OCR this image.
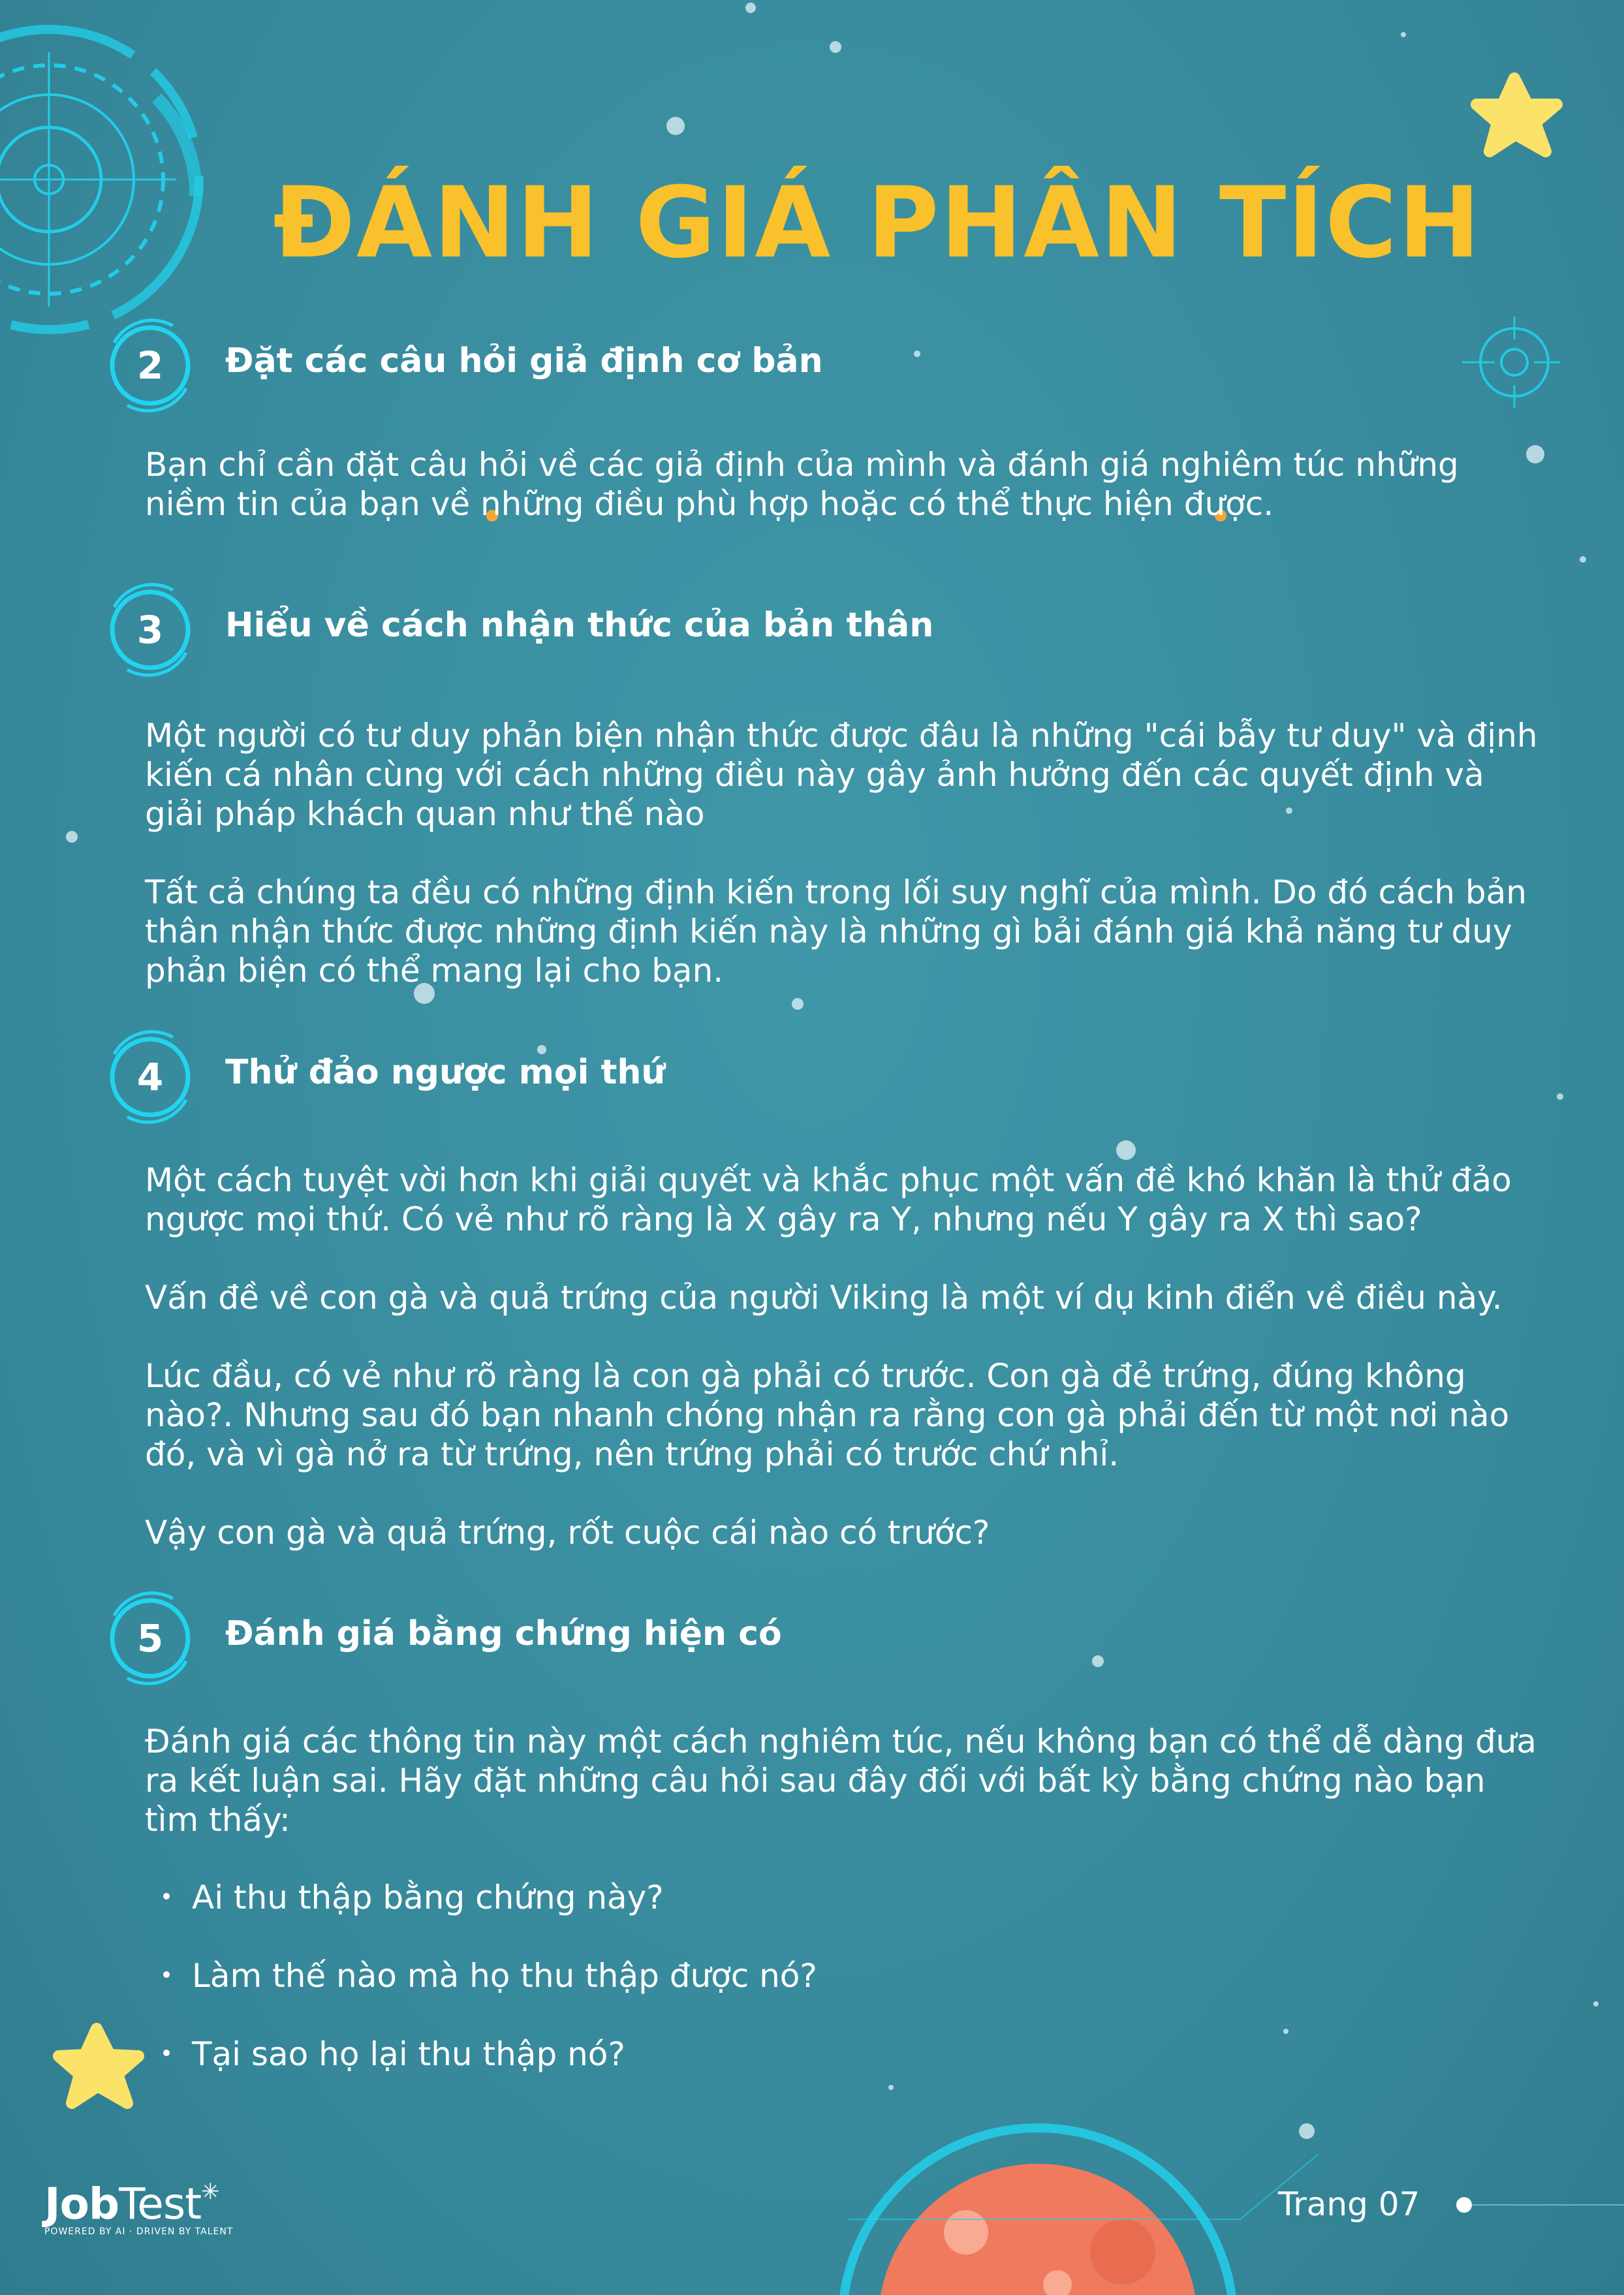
ĐÁNH GIÁ PHÂN TÍCH
2	Đặt các câu hỏi giả định cơ bản

Bạn chỉ cần đặt câu hỏi về các giả định của mình và đánh giá nghiêm túc những niềm tin của bạn về những điều phù hợp hoặc có thể thực hiện được.

3	Hiểu về cách nhận thức của bản thân

Một người có tư duy phản biện nhận thức được đâu là những "cái bẫy tư duy" và định kiến cá nhân cùng với cách những điều này gây ảnh hưởng đến các quyết định và giải pháp khách quan như thế nào

Tất cả chúng ta đều có những định kiến trong lối suy nghĩ của mình. Do đó cách bản thân nhận thức được những định kiến này là những gì bải đánh giá khả năng tư duy phản biện có thể mang lại cho bạn.

4	Thử đảo ngược mọi thứ

Một cách tuyệt vời hơn khi giải quyết và khắc phục một vấn đề khó khăn là thử đảo ngược mọi thứ. Có vẻ như rõ ràng là X gây ra Y, nhưng nếu Y gây ra X thì sao?

Vấn đề về con gà và quả trứng của người Viking là một ví dụ kinh điển về điều này.

Lúc đầu, có vẻ như rõ ràng là con gà phải có trước. Con gà đẻ trứng, đúng không nào?. Nhưng sau đó bạn nhanh chóng nhận ra rằng con gà phải đến từ một nơi nào đó, và vì gà nở ra từ trứng, nên trứng phải có trước chứ nhỉ.

Vậy con gà và quả trứng, rốt cuộc cái nào có trước?

5	Đánh giá bằng chứng hiện có

Đánh giá các thông tin này một cách nghiêm túc, nếu không bạn có thể dễ dàng đưa ra kết luận sai. Hãy đặt những câu hỏi sau đây đối với bất kỳ bằng chứng nào bạn tìm thấy:

Ai thu thập bằng chứng này?
Làm thế nào mà họ thu thập được nó?
Tại sao họ lại thu thập nó?
JobTest✳
POWERED BY AI · DRIVEN BY TALENT
Trang 07
